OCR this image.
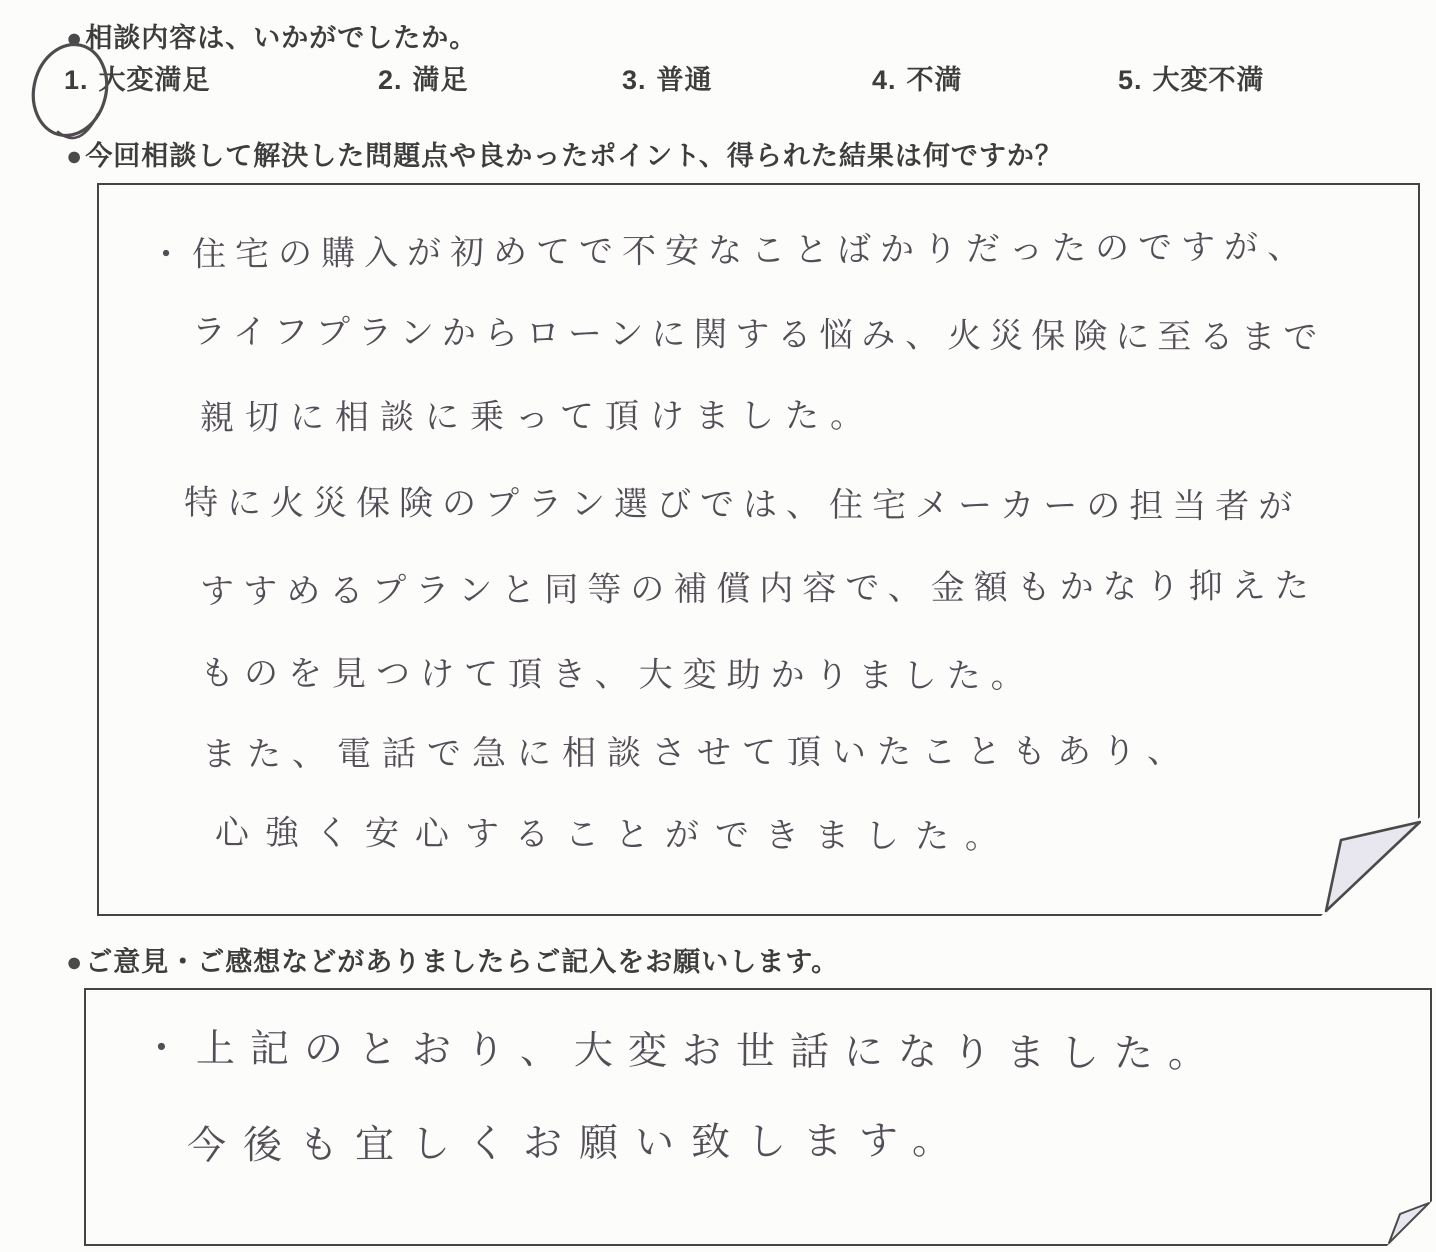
●相談内容は、いかがでしたか。
1. 大変満足	2. 満足	3. 普通	4. 不満	5. 大変不満
●今回相談して解決した問題点や良かったポイント、得られた結果は何ですか？
・住宅の購入が初めてで不安なことばかりだったのですが、
ライフプランからローンに関する悩み、火災保険に至るまで
親切に相談に乗って頂けました。
特に火災保険のプラン選びでは、住宅メーカーの担当者が
すすめるプランと同等の補償内容で、金額もかなり抑えた
ものを見つけて頂き、大変助かりました。
また、電話で急に相談させて頂いたこともあり、
心強く安心することができました。
●ご意見・ご感想などがありましたらご記入をお願いします。
・上記のとおり、大変お世話になりました。
今後も宜しくお願い致します。
